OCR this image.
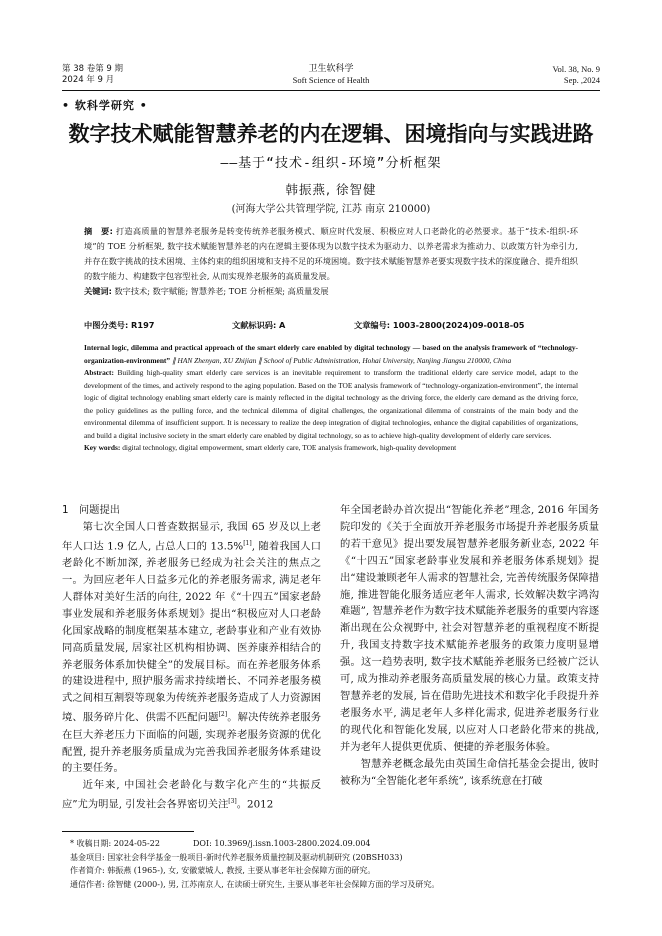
第 38 卷第 9 期
2024 年 9 月
卫生软科学
Soft Science of Health
Vol. 38, No. 9
Sep. ,2024
• 软科学研究 •
数字技术赋能智慧养老的内在逻辑、困境指向与实践进路
——基于“技术-组织-环境”分析框架
韩振燕, 徐智健
(河海大学公共管理学院, 江苏 南京 210000)
摘　要: 打造高质量的智慧养老服务是转变传统养老服务模式、顺应时代发展、积极应对人口老龄化的必然要求。基于“技术-组织-环境”的 TOE 分析框架, 数字技术赋能智慧养老的内在逻辑主要体现为以数字技术为驱动力、以养老需求为推动力、以政策方针为牵引力, 并存在数字挑战的技术困境、主体约束的组织困境和支持不足的环境困境。数字技术赋能智慧养老要实现数字技术的深度融合、提升组织的数字能力、构建数字包容型社会, 从而实现养老服务的高质量发展。
关键词: 数字技术; 数字赋能; 智慧养老; TOE 分析框架; 高质量发展
中图分类号: R197	文献标识码: A	文章编号: 1003-2800(2024)09-0018-05

Internal logic, dilemma and practical approach of the smart elderly care enabled by digital technology — based on the analysis framework of “technology-organization-environment” ∥ HAN Zhenyan, XU Zhijian ∥ School of Public Administration, Hohai University, Nanjing Jiangsu 210000, China

Abstract: Building high-quality smart elderly care services is an inevitable requirement to transform the traditional elderly care service model, adapt to the development of the times, and actively respond to the aging population. Based on the TOE analysis framework of “technology-organization-environment”, the internal logic of digital technology enabling smart elderly care is mainly reflected in the digital technology as the driving force, the elderly care demand as the driving force, the policy guidelines as the pulling force, and the technical dilemma of digital challenges, the organizational dilemma of constraints of the main body and the environmental dilemma of insufficient support. It is necessary to realize the deep integration of digital technologies, enhance the digital capabilities of organizations, and build a digital inclusive society in the smart elderly care enabled by digital technology, so as to achieve high-quality development of elderly care services.

Key words: digital technology, digital empowerment, smart elderly care, TOE analysis framework, high-quality development

1　问题提出

第七次全国人口普查数据显示, 我国 65 岁及以上老年人口达 1.9 亿人, 占总人口的 13.5%[1], 随着我国人口老龄化不断加深, 养老服务已经成为社会关注的焦点之一。为回应老年人日益多元化的养老服务需求, 满足老年人群体对美好生活的向往, 2022 年《“十四五”国家老龄事业发展和养老服务体系规划》提出“积极应对人口老龄化国家战略的制度框架基本建立, 老龄事业和产业有效协同高质量发展, 居家社区机构相协调、医养康养相结合的养老服务体系加快健全”的发展目标。而在养老服务体系的建设进程中, 照护服务需求持续增长、不同养老服务模式之间相互割裂等现象为传统养老服务造成了人力资源困境、服务碎片化、供需不匹配问题[2]。解决传统养老服务在巨大养老压力下面临的问题, 实现养老服务资源的优化配置, 提升养老服务质量成为完善我国养老服务体系建设的主要任务。

近年来, 中国社会老龄化与数字化产生的“共振反应”尤为明显, 引发社会各界密切关注[3]。2012

年全国老龄办首次提出“智能化养老”理念, 2016 年国务院印发的《关于全面放开养老服务市场提升养老服务质量的若干意见》提出要发展智慧养老服务新业态, 2022 年《“十四五”国家老龄事业发展和养老服务体系规划》提出“建设兼顾老年人需求的智慧社会, 完善传统服务保障措施, 推进智能化服务适应老年人需求, 长效解决数字鸿沟难题”, 智慧养老作为数字技术赋能养老服务的重要内容逐渐出现在公众视野中, 社会对智慧养老的重视程度不断提升, 我国支持数字技术赋能养老服务的政策力度明显增强。这一趋势表明, 数字技术赋能养老服务已经被广泛认可, 成为推动养老服务高质量发展的核心力量。政策支持智慧养老的发展, 旨在借助先进技术和数字化手段提升养老服务水平, 满足老年人多样化需求, 促进养老服务行业的现代化和智能化发展, 以应对人口老龄化带来的挑战, 并为老年人提供更优质、便捷的养老服务体验。

智慧养老概念最先由英国生命信托基金会提出, 彼时被称为“全智能化老年系统”, 该系统意在打破

* 收稿日期: 2024-05-22	DOI: 10.3969/j.issn.1003-2800.2024.09.004
基金项目: 国家社会科学基金一般项目-新时代养老服务质量控制及驱动机制研究 (20BSH033)
作者简介: 韩振燕 (1965-), 女, 安徽蒙城人, 教授, 主要从事老年社会保障方面的研究。
通信作者: 徐智健 (2000-), 男, 江苏南京人, 在读硕士研究生, 主要从事老年社会保障方面的学习及研究。
